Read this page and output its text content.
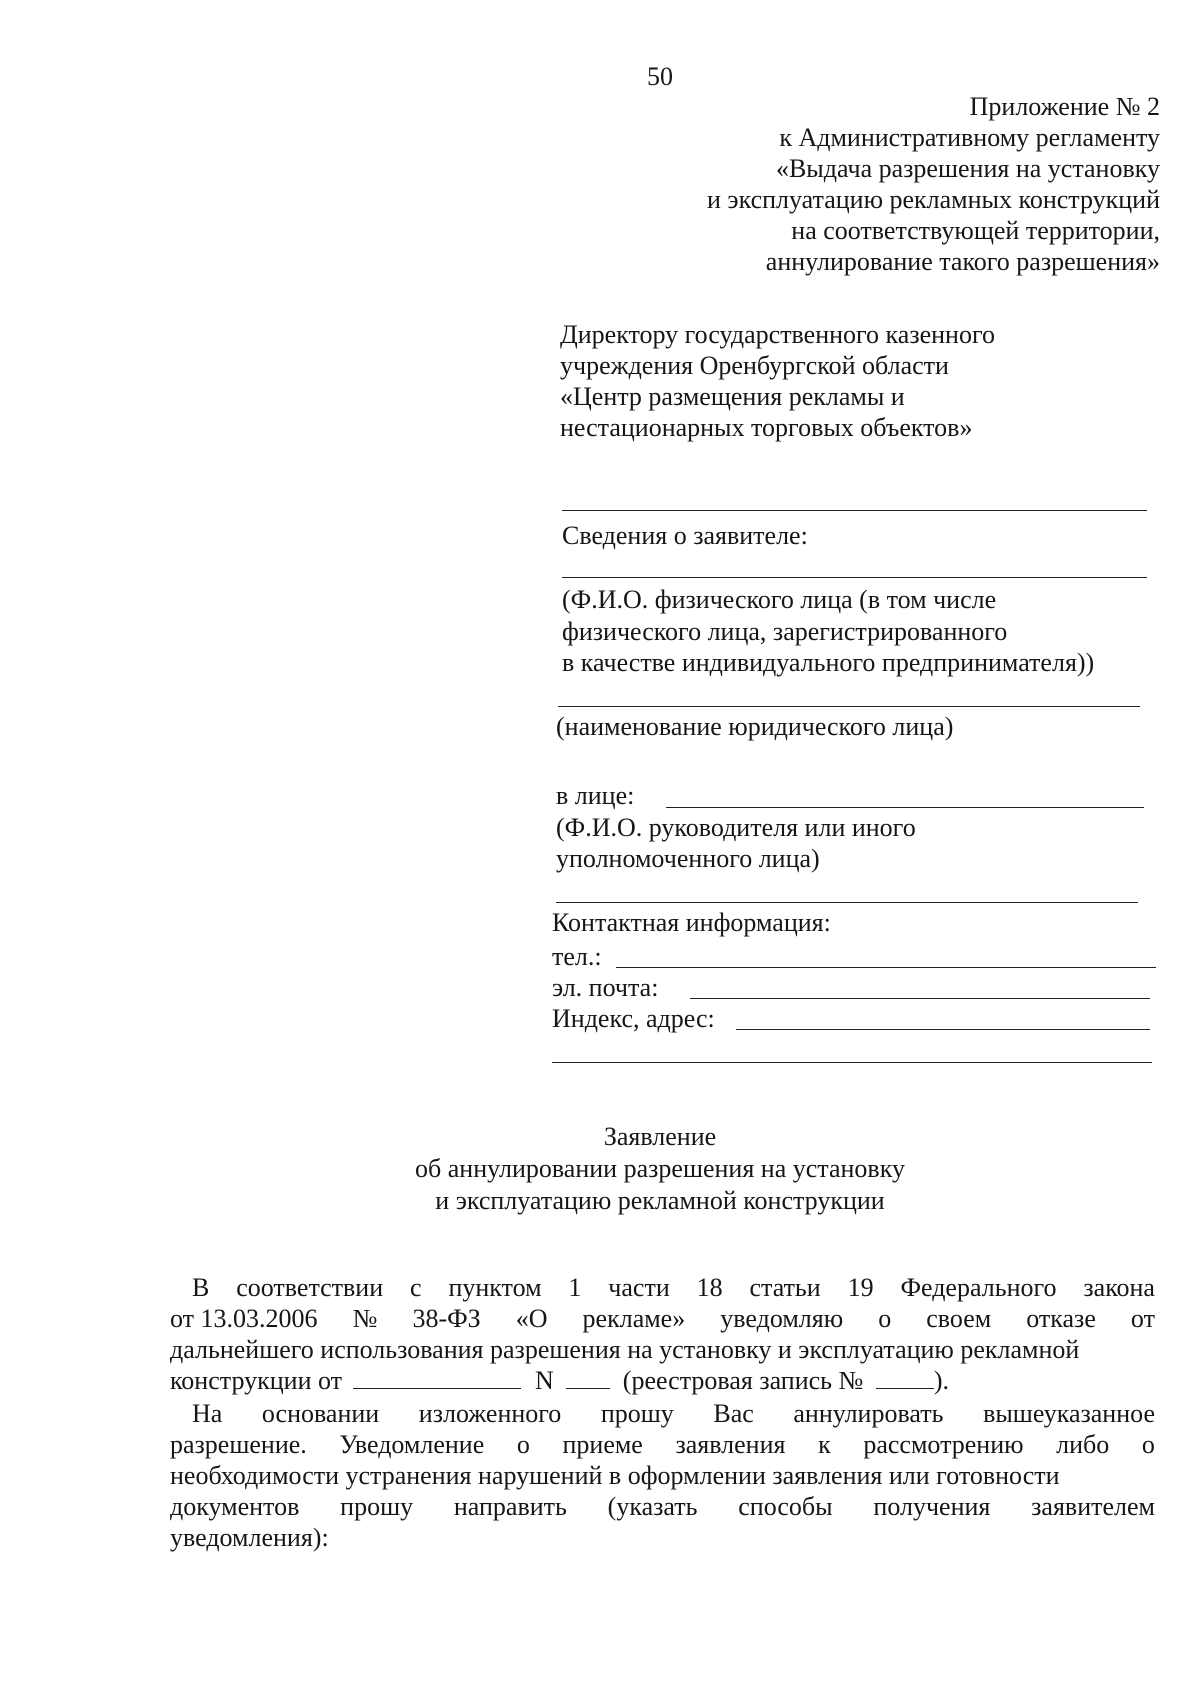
50
Приложение № 2
к Административному регламенту
«Выдача разрешения на установку
и эксплуатацию рекламных конструкций
на соответствующей территории,
аннулирование такого разрешения»
Директору государственного казенного
учреждения Оренбургской области
«Центр размещения рекламы и
нестационарных торговых объектов»
Сведения о заявителе:
(Ф.И.О. физического лица (в том числе
физического лица, зарегистрированного
в качестве индивидуального предпринимателя))
(наименование юридического лица)
в лице:
(Ф.И.О. руководителя или иного
уполномоченного лица)
Контактная информация:
тел.:
эл. почта:
Индекс, адрес:
Заявление
об аннулировании разрешения на установку
и эксплуатацию рекламной конструкции
В соответствии с пунктом 1 части 18 статьи 19 Федерального закона
от 13.03.2006 № 38-ФЗ «О рекламе» уведомляю о своем отказе от
дальнейшего использования разрешения на установку и эксплуатацию рекламной
конструкции от	N	(реестровая запись №	).
На основании изложенного прошу Вас аннулировать вышеуказанное
разрешение. Уведомление о приеме заявления к рассмотрению либо о
необходимости устранения нарушений в оформлении заявления или готовности
документов прошу направить (указать способы получения заявителем
уведомления):
